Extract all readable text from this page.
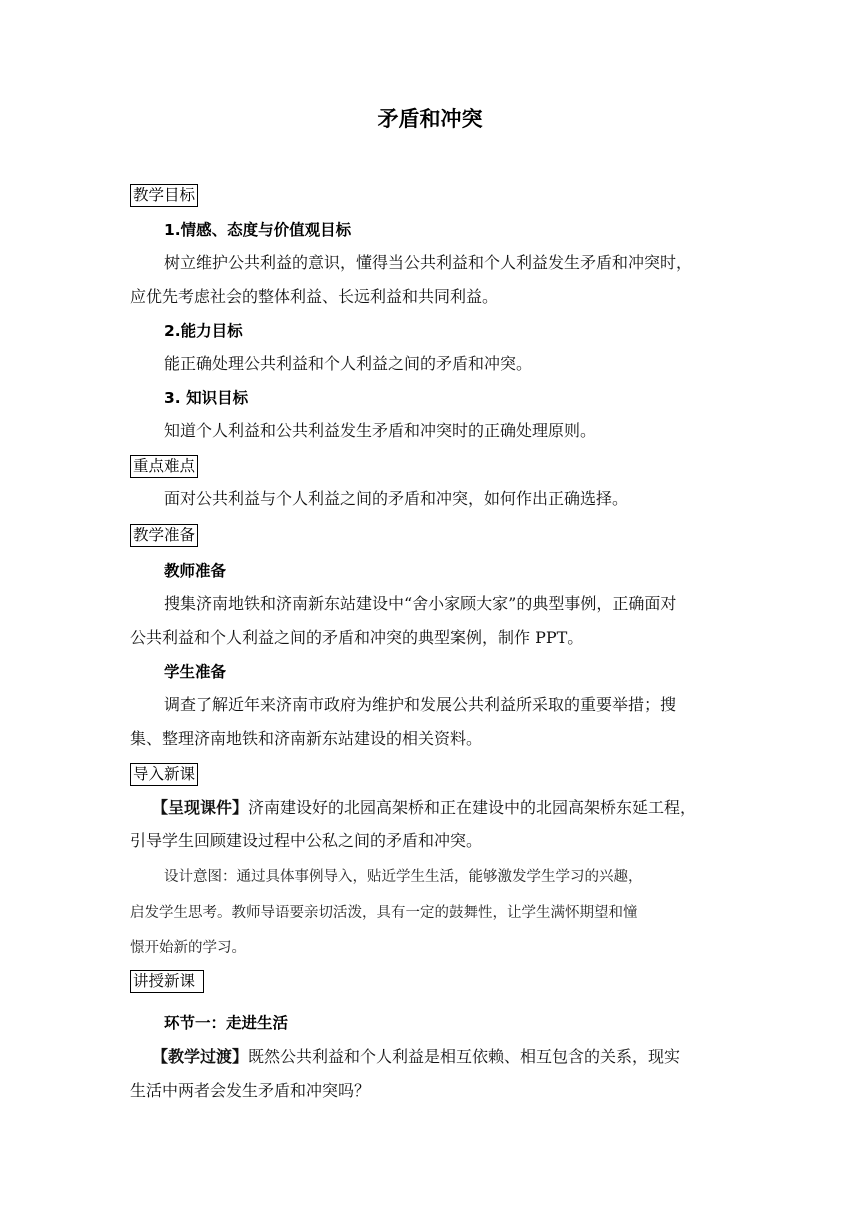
矛盾和冲突
教学目标
1.情感、态度与价值观目标
树立维护公共利益的意识，懂得当公共利益和个人利益发生矛盾和冲突时，
应优先考虑社会的整体利益、长远利益和共同利益。
2.能力目标
能正确处理公共利益和个人利益之间的矛盾和冲突。
3. 知识目标
知道个人利益和公共利益发生矛盾和冲突时的正确处理原则。
重点难点
面对公共利益与个人利益之间的矛盾和冲突，如何作出正确选择。
教学准备
教师准备
搜集济南地铁和济南新东站建设中“舍小家顾大家”的典型事例，正确面对
公共利益和个人利益之间的矛盾和冲突的典型案例，制作 PPT。
学生准备
调查了解近年来济南市政府为维护和发展公共利益所采取的重要举措；搜
集、整理济南地铁和济南新东站建设的相关资料。
导入新课
【呈现课件】济南建设好的北园高架桥和正在建设中的北园高架桥东延工程，
引导学生回顾建设过程中公私之间的矛盾和冲突。
设计意图：通过具体事例导入，贴近学生生活，能够激发学生学习的兴趣，
启发学生思考。教师导语要亲切活泼，具有一定的鼓舞性，让学生满怀期望和憧
憬开始新的学习。
讲授新课
环节一：走进生活
【教学过渡】既然公共利益和个人利益是相互依赖、相互包含的关系，现实
生活中两者会发生矛盾和冲突吗？
